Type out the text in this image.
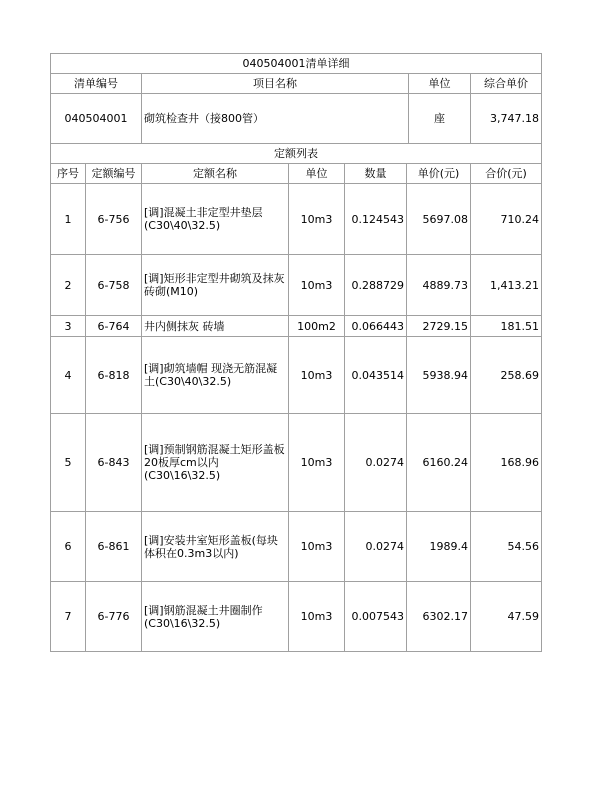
040504001清单详细			
清单编号	项目名称	单位	综合单价
040504001	砌筑检查井（接800管）	座	3,747.18
定额列表						
序号	定额编号	定额名称	单位	数量	单价(元)	合价(元)
1	6-756	[调]混凝土非定型井垫层(C30\40\32.5)	10m3	0.124543	5697.08	710.24
2	6-758	[调]矩形非定型井砌筑及抹灰 砖砌(M10)	10m3	0.288729	4889.73	1,413.21
3	6-764	井内侧抹灰 砖墙	100m2	0.066443	2729.15	181.51
4	6-818	[调]砌筑墙帽 现浇无筋混凝土(C30\40\32.5)	10m3	0.043514	5938.94	258.69
5	6-843	[调]预制钢筋混凝土矩形盖板20板厚cm以内(C30\16\32.5)	10m3	0.0274	6160.24	168.96
6	6-861	[调]安装井室矩形盖板(每块体积在0.3m3以内)	10m3	0.0274	1989.4	54.56
7	6-776	[调]钢筋混凝土井圈制作(C30\16\32.5)	10m3	0.007543	6302.17	47.59
